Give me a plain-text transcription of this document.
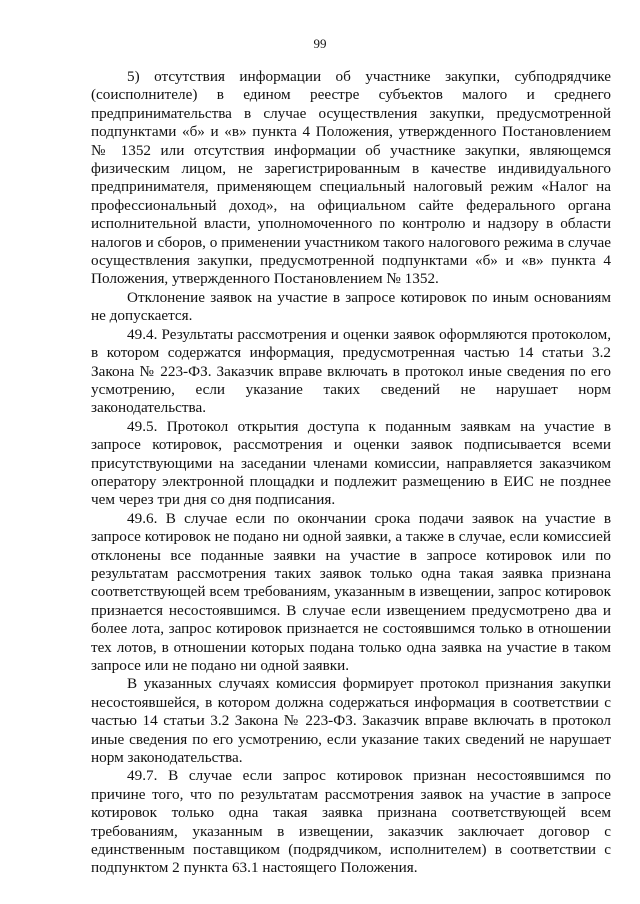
99

5) отсутствия информации об участнике закупки, субподрядчике (соисполнителе) в едином реестре субъектов малого и среднего предпринимательства в случае осуществления закупки, предусмотренной подпунктами «б» и «в» пункта 4 Положения, утвержденного Постановлением № 1352 или отсутствия информации об участнике закупки, являющемся физическим лицом, не зарегистрированным в качестве индивидуального предпринимателя, применяющем специальный налоговый режим «Налог на профессиональный доход», на официальном сайте федерального органа исполнительной власти, уполномоченного по контролю и надзору в области налогов и сборов, о применении участником такого налогового режима в случае осуществления закупки, предусмотренной подпунктами «б» и «в» пункта 4 Положения, утвержденного Постановлением № 1352.

Отклонение заявок на участие в запросе котировок по иным основаниям не допускается.

49.4. Результаты рассмотрения и оценки заявок оформляются протоколом, в котором содержатся информация, предусмотренная частью 14 статьи 3.2 Закона № 223-ФЗ. Заказчик вправе включать в протокол иные сведения по его усмотрению, если указание таких сведений не нарушает норм законодательства.

49.5. Протокол открытия доступа к поданным заявкам на участие в запросе котировок, рассмотрения и оценки заявок подписывается всеми присутствующими на заседании членами комиссии, направляется заказчиком оператору электронной площадки и подлежит размещению в ЕИС не позднее чем через три дня со дня подписания.

49.6. В случае если по окончании срока подачи заявок на участие в запросе котировок не подано ни одной заявки, а также в случае, если комиссией отклонены все поданные заявки на участие в запросе котировок или по результатам рассмотрения таких заявок только одна такая заявка признана соответствующей всем требованиям, указанным в извещении, запрос котировок признается несостоявшимся. В случае если извещением предусмотрено два и более лота, запрос котировок признается не состоявшимся только в отношении тех лотов, в отношении которых подана только одна заявка на участие в таком запросе или не подано ни одной заявки.

В указанных случаях комиссия формирует протокол признания закупки несостоявшейся, в котором должна содержаться информация в соответствии с частью 14 статьи 3.2 Закона № 223-ФЗ. Заказчик вправе включать в протокол иные сведения по его усмотрению, если указание таких сведений не нарушает норм законодательства.

49.7. В случае если запрос котировок признан несостоявшимся по причине того, что по результатам рассмотрения заявок на участие в запросе котировок только одна такая заявка признана соответствующей всем требованиям, указанным в извещении, заказчик заключает договор с единственным поставщиком (подрядчиком, исполнителем) в соответствии с подпунктом 2 пункта 63.1 настоящего Положения.
